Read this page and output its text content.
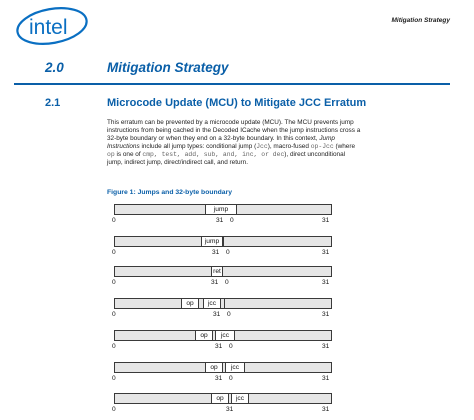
intel	Mitigation Strategy
2.0	Mitigation Strategy
2.1	Microcode Update (MCU) to Mitigate JCC Erratum
This erratum can be prevented by a microcode update (MCU). The MCU prevents jump instructions from being cached in the Decoded ICache when the jump instructions cross a 32-byte boundary or when they end on a 32-byte boundary. In this context, Jump Instructions include all jump types: conditional jump (Jcc), macro-fused op-Jcc (where op is one of cmp, test, add, sub, and, inc, or dec), direct unconditional jump, indirect jump, direct/indirect call, and return.
Figure 1: Jumps and 32-byte boundary
jump
0	31 0	31
jump
0	31 0	31
ret
0	31 0	31
op	jcc
0	31 0	31
op	jcc
0	31 0	31
op	jcc
0	31 0	31
op	jcc
0	31	31
